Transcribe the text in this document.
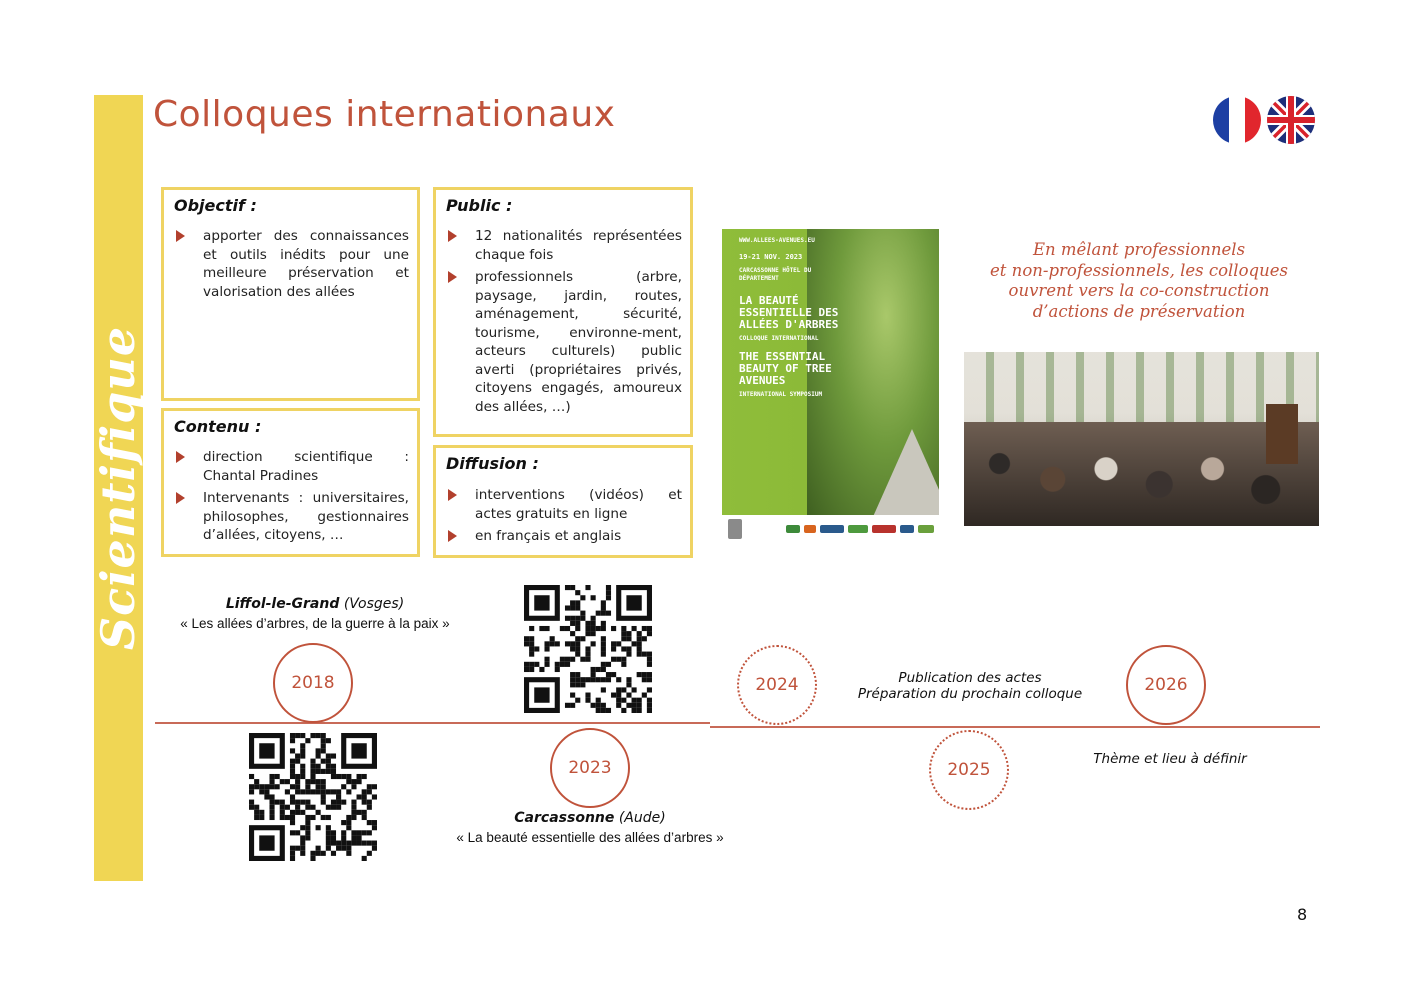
Scientifique
Colloques internationaux
Objectif :
apporter des connaissances et outils inédits pour une meilleure préservation et valorisation des allées
Public :
12 nationalités représentées chaque fois
professionnels (arbre, paysage, jardin, routes, aménagement, sécurité, tourisme, environne-ment, acteurs culturels) public averti (propriétaires privés, citoyens engagés, amoureux des allées, …)
Contenu :
direction scientifique : Chantal Pradines
Intervenants : universitaires, philosophes, gestionnaires d’allées, citoyens, …
Diffusion :
interventions (vidéos) et actes gratuits en ligne
en français et anglais
WWW.ALLEES-AVENUES.EU
19-21 NOV. 2023
CARCASSONNE HÔTEL DU DÉPARTEMENT
LA BEAUTÉ ESSENTIELLE DES ALLÉES D'ARBRES
COLLOQUE INTERNATIONAL
THE ESSENTIAL BEAUTY OF TREE AVENUES
INTERNATIONAL SYMPOSIUM
En mêlant professionnels
et non-professionnels, les colloques
ouvrent vers la co-construction
d’actions de préservation
Liffol-le-Grand (Vosges)
« Les allées d’arbres, de la guerre à la paix »
2018
2023
Carcassonne (Aude)
« La beauté essentielle des allées d’arbres »
2024	Publication des actes
Préparation du prochain colloque
2025
2026
Thème et lieu à définir
8
